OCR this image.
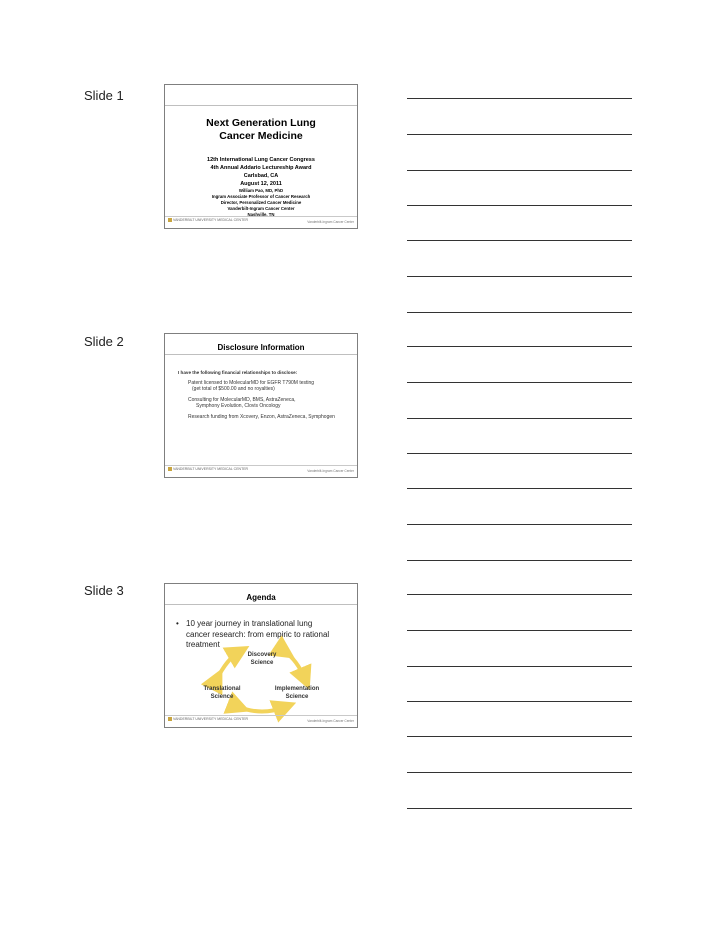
Slide 1
Slide 2
Slide 3
Next Generation Lung Cancer Medicine
12th International Lung Cancer Congress
4th Annual Addario Lectureship Award
Carlsbad, CA
August 12, 2011
William Pao, MD, PhD
Ingram Associate Professor of Cancer Research
Director, Personalized Cancer Medicine
Vanderbilt-Ingram Cancer Center
Nashville, TN
VANDERBILT UNIVERSITY MEDICAL CENTER	Vanderbilt-Ingram Cancer Center
Disclosure Information
I have the following financial relationships to disclose:
Patent licensed to MolecularMD for EGFR T790M testing
(get total of $500.00 and no royalties)
Consulting for MolecularMD, BMS, AstraZeneca,
Symphony Evolution, Clovis Oncology
Research funding from Xcovery, Enzon, AstraZeneca, Symphogen
VANDERBILT UNIVERSITY MEDICAL CENTER	Vanderbilt-Ingram Cancer Center
Agenda
• 10 year journey in translational lung
cancer research: from empiric to rational
treatment
Discovery
Science
Translational
Science
Implementation
Science
VANDERBILT UNIVERSITY MEDICAL CENTER	Vanderbilt-Ingram Cancer Center
